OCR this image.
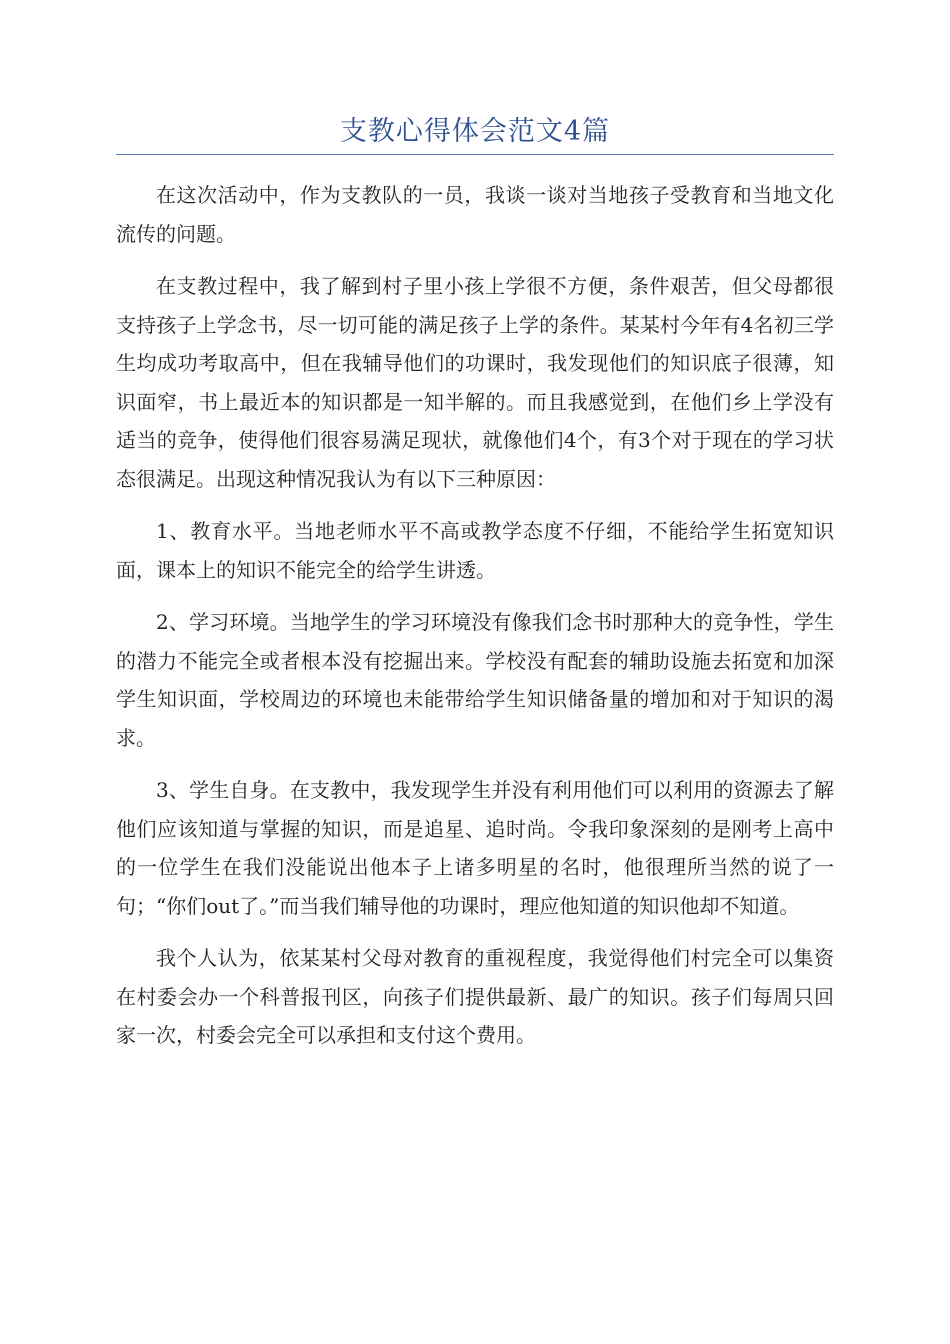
支教心得体会范文4篇

在这次活动中，作为支教队的一员，我谈一谈对当地孩子受教育和当地文化流传的问题。

在支教过程中，我了解到村子里小孩上学很不方便，条件艰苦，但父母都很支持孩子上学念书，尽一切可能的满足孩子上学的条件。某某村今年有4名初三学生均成功考取高中，但在我辅导他们的功课时，我发现他们的知识底子很薄，知识面窄，书上最近本的知识都是一知半解的。而且我感觉到，在他们乡上学没有适当的竞争，使得他们很容易满足现状，就像他们4个，有3个对于现在的学习状态很满足。出现这种情况我认为有以下三种原因：

1、教育水平。当地老师水平不高或教学态度不仔细，不能给学生拓宽知识面，课本上的知识不能完全的给学生讲透。

2、学习环境。当地学生的学习环境没有像我们念书时那种大的竞争性，学生的潜力不能完全或者根本没有挖掘出来。学校没有配套的辅助设施去拓宽和加深学生知识面，学校周边的环境也未能带给学生知识储备量的增加和对于知识的渴求。

3、学生自身。在支教中，我发现学生并没有利用他们可以利用的资源去了解他们应该知道与掌握的知识，而是追星、追时尚。令我印象深刻的是刚考上高中的一位学生在我们没能说出他本子上诸多明星的名时，他很理所当然的说了一句；“你们out了。”而当我们辅导他的功课时，理应他知道的知识他却不知道。

我个人认为，依某某村父母对教育的重视程度，我觉得他们村完全可以集资在村委会办一个科普报刊区，向孩子们提供最新、最广的知识。孩子们每周只回家一次，村委会完全可以承担和支付这个费用。
